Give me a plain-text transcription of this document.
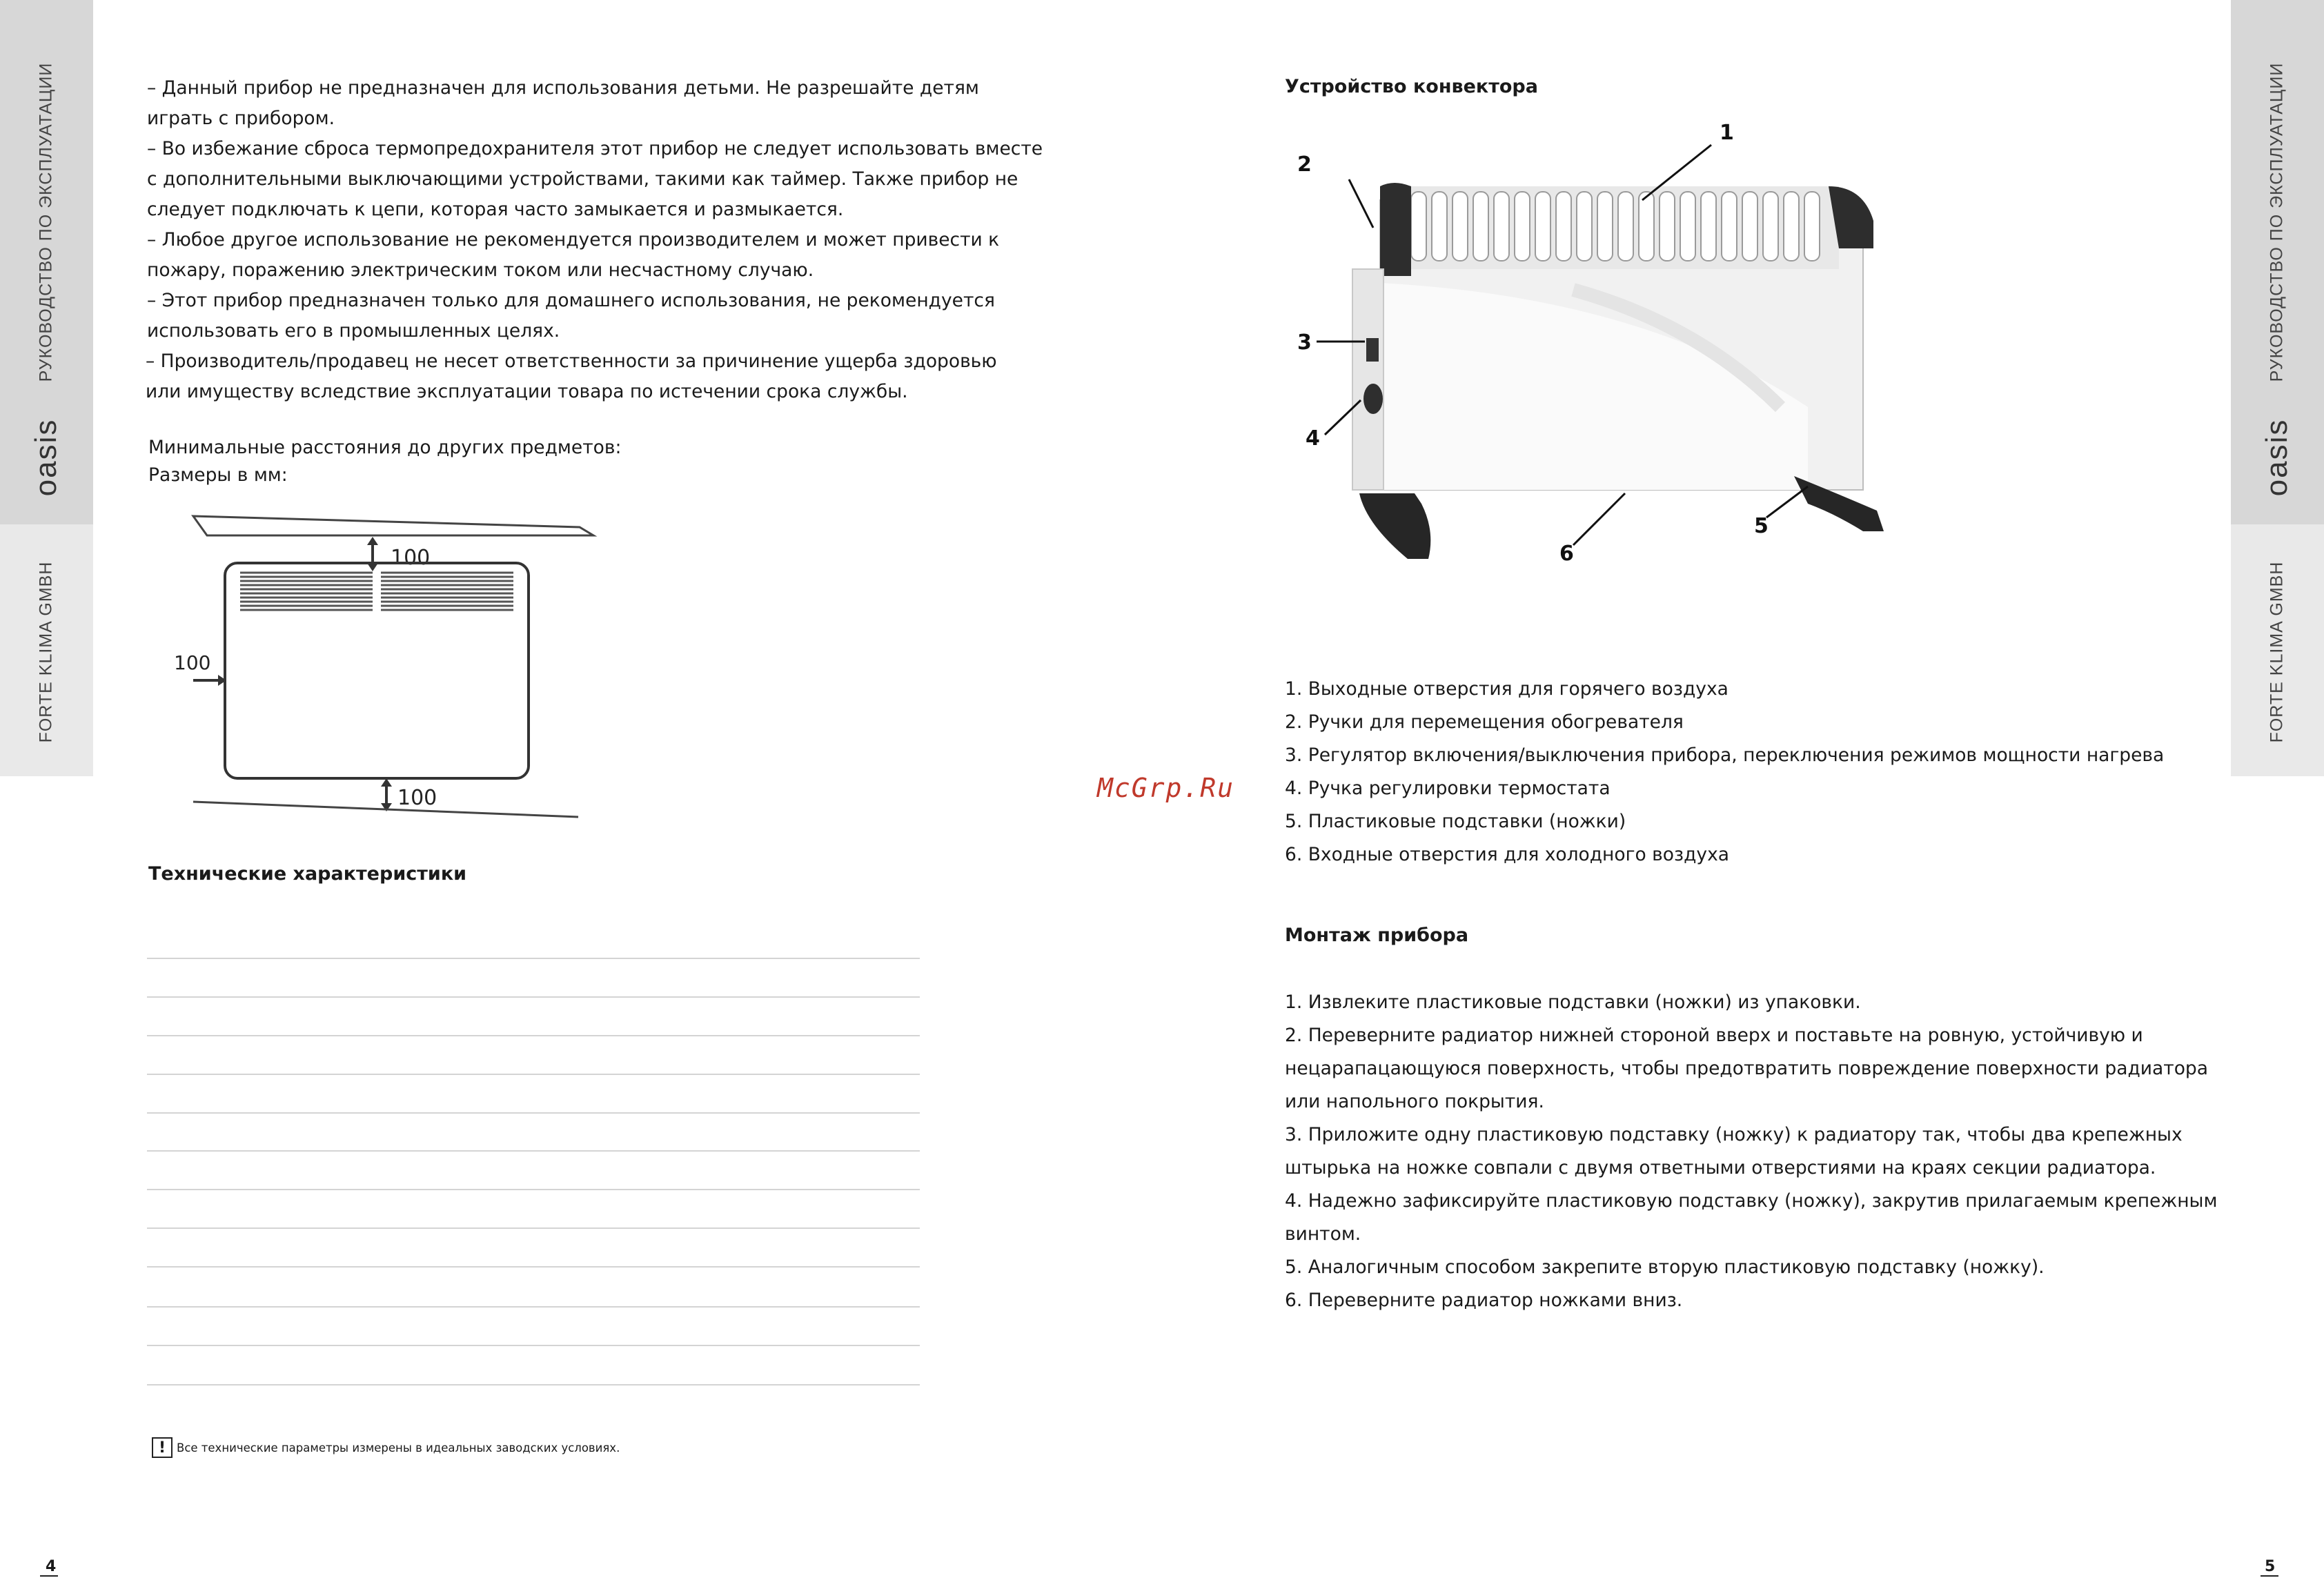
РУКОВОДСТВО ПО ЭКСПЛУАТАЦИИ
oasis
FORTE KLIMA GMBH
РУКОВОДСТВО ПО ЭКСПЛУАТАЦИИ
oasis
FORTE KLIMA GMBH
– Данный прибор не предназначен для использования детьми. Не разрешайте детям
играть с прибором.
– Во избежание сброса термопредохранителя этот прибор не следует использовать вместе
с дополнительными выключающими устройствами, такими как таймер. Также прибор не
следует подключать к цепи, которая часто замыкается и размыкается.
– Любое другое использование не рекомендуется производителем и может привести к
пожару, поражению электрическим током или несчастному случаю.
– Этот прибор предназначен только для домашнего использования, не рекомендуется
использовать его в промышленных целях.
– Производитель/продавец не несет ответственности за причинение ущерба здоровью
или имуществу вследствие эксплуатации товара по истечении срока службы.
Минимальные расстояния до других предметов:
Размеры в мм:
100
100
100
Технические характеристики
! Все технические параметры измерены в идеальных заводских условиях.
4
McGrp.Ru
Устройство конвектора
1
2
3
4
5
6
1. Выходные отверстия для горячего воздуха
2. Ручки для перемещения обогревателя
3. Регулятор включения/выключения прибора, переключения режимов мощности нагрева
4. Ручка регулировки термостата
5. Пластиковые подставки (ножки)
6. Входные отверстия для холодного воздуха
Монтаж прибора
1. Извлеките пластиковые подставки (ножки) из упаковки.
2. Переверните радиатор нижней стороной вверх и поставьте на ровную, устойчивую и
нецарапацающуюся поверхность, чтобы предотвратить повреждение поверхности радиатора
или напольного покрытия.
3. Приложите одну пластиковую подставку (ножку) к радиатору так, чтобы два крепежных
штырька на ножке совпали с двумя ответными отверстиями на краях секции радиатора.
4. Надежно зафиксируйте пластиковую подставку (ножку), закрутив прилагаемым крепежным
винтом.
5. Аналогичным способом закрепите вторую пластиковую подставку (ножку).
6. Переверните радиатор ножками вниз.
5
